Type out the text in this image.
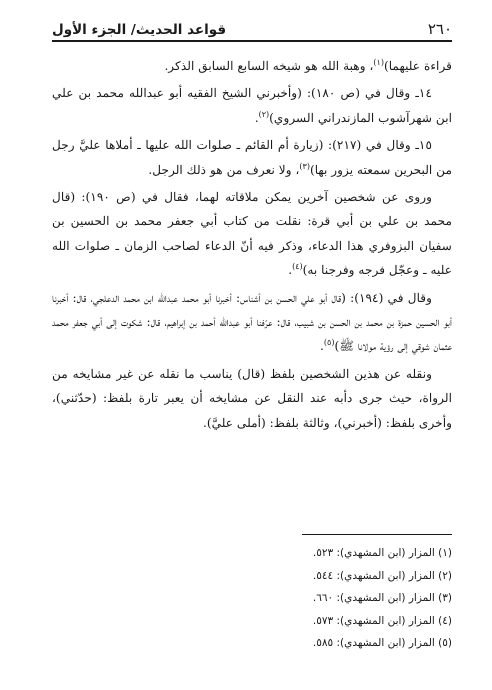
٢٦٠
قواعد الحديث/ الجزء الأول

قراءة عليهما)$^{(١)}$، وهبة الله هو شيخه السابع السابق الذكر.

١٤ـ وقال في (ص ١٨٠): (وأخبرني الشيخ الفقيه أبو عبدالله محمد بن علي ابن شهرآشوب المازندراني السروي)$^{(٢)}$.

١٥ـ وقال في (٢١٧): (زيارة أم القائم ـ صلوات الله عليها ـ أملاها عليَّ رجل من البحرين سمعته يزور بها)$^{(٣)}$، ولا نعرف من هو ذلك الرجل.

وروى عن شخصين آخرين يمكن ملاقاته لهما، فقال في (ص ١٩٠): (قال محمد بن علي بن أبي قرة: نقلت من كتاب أبي جعفر محمد بن الحسين بن سفيان البزوفري هذا الدعاء، وذكر فيه أنّ الدعاء لصاحب الزمان ـ صلوات الله عليه ـ وعجّل فرجه وفرجنا به)$^{(٤)}$.

وقال في (١٩٤): (قال أبو علي الحسن بن أشناس: أخبرنا أبو محمد عبدالله ابن محمد الدعلجي، قال: أخبرنا أبو الحسين حمزة بن محمد بن الحسن بن شبيب، قال: عرّفنا أبو عبدالله أحمد بن إبراهيم، قال: شكوت إلى أبي جعفر محمد عثمان شوقي إلى رؤية مولانا ﷺ)$^{(٥)}$.

ونقله عن هذين الشخصين بلفظ (قال) يناسب ما نقله عن غير مشايخه من الرواة، حيث جرى دأبه عند النقل عن مشايخه أن يعبر تارة بلفظ: (حدّثني)، وأخرى بلفظ: (أخبرني)، وثالثة بلفظ: (أملى عليَّ).

(١) المزار (ابن المشهدي): ٥٢٣.
(٢) المزار (ابن المشهدي): ٥٤٤.
(٣) المزار (ابن المشهدي): ٦٦٠.
(٤) المزار (ابن المشهدي): ٥٧٣.
(٥) المزار (ابن المشهدي): ٥٨٥.
